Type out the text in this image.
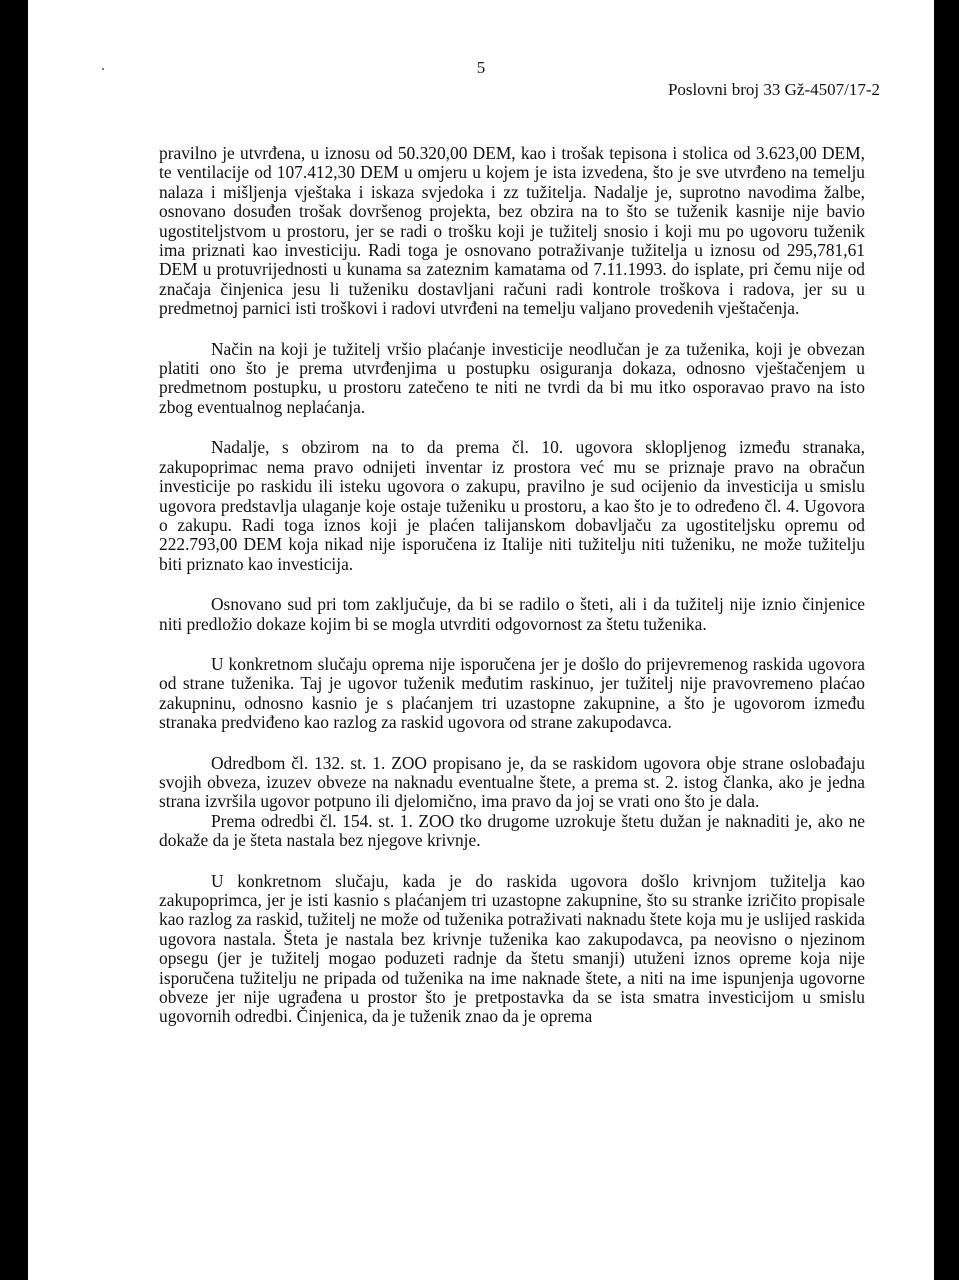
5
Poslovni broj 33 Gž-4507/17-2

pravilno je utvrđena, u iznosu od 50.320,00 DEM, kao i trošak tepisona i stolica od 3.623,00 DEM, te ventilacije od 107.412,30 DEM u omjeru u kojem je ista izvedena, što je sve utvrđeno na temelju nalaza i mišljenja vještaka i iskaza svjedoka i zz tužitelja. Nadalje je, suprotno navodima žalbe, osnovano dosuđen trošak dovršenog projekta, bez obzira na to što se tuženik kasnije nije bavio ugostiteljstvom u prostoru, jer se radi o trošku koji je tužitelj snosio i koji mu po ugovoru tuženik ima priznati kao investiciju. Radi toga je osnovano potraživanje tužitelja u iznosu od 295,781,61 DEM u protuvrijednosti u kunama sa zateznim kamatama od 7.11.1993. do isplate, pri čemu nije od značaja činjenica jesu li tuženiku dostavljani računi radi kontrole troškova i radova, jer su u predmetnoj parnici isti troškovi i radovi utvrđeni na temelju valjano provedenih vještačenja.

Način na koji je tužitelj vršio plaćanje investicije neodlučan je za tuženika, koji je obvezan platiti ono što je prema utvrđenjima u postupku osiguranja dokaza, odnosno vještačenjem u predmetnom postupku, u prostoru zatečeno te niti ne tvrdi da bi mu itko osporavao pravo na isto zbog eventualnog neplaćanja.

Nadalje, s obzirom na to da prema čl. 10. ugovora sklopljenog između stranaka, zakupoprimac nema pravo odnijeti inventar iz prostora već mu se priznaje pravo na obračun investicije po raskidu ili isteku ugovora o zakupu, pravilno je sud ocijenio da investicija u smislu ugovora predstavlja ulaganje koje ostaje tuženiku u prostoru, a kao što je to određeno čl. 4. Ugovora o zakupu. Radi toga iznos koji je plaćen talijanskom dobavljaču za ugostiteljsku opremu od 222.793,00 DEM koja nikad nije isporučena iz Italije niti tužitelju niti tuženiku, ne može tužitelju biti priznato kao investicija.

Osnovano sud pri tom zaključuje, da bi se radilo o šteti, ali i da tužitelj nije iznio činjenice niti predložio dokaze kojim bi se mogla utvrditi odgovornost za štetu tuženika.

U konkretnom slučaju oprema nije isporučena jer je došlo do prijevremenog raskida ugovora od strane tuženika. Taj je ugovor tuženik međutim raskinuo, jer tužitelj nije pravovremeno plaćao zakupninu, odnosno kasnio je s plaćanjem tri uzastopne zakupnine, a što je ugovorom između stranaka predviđeno kao razlog za raskid ugovora od strane zakupodavca.

Odredbom čl. 132. st. 1. ZOO propisano je, da se raskidom ugovora obje strane oslobađaju svojih obveza, izuzev obveze na naknadu eventualne štete, a prema st. 2. istog članka, ako je jedna strana izvršila ugovor potpuno ili djelomično, ima pravo da joj se vrati ono što je dala.

Prema odredbi čl. 154. st. 1. ZOO tko drugome uzrokuje štetu dužan je naknaditi je, ako ne dokaže da je šteta nastala bez njegove krivnje.

U konkretnom slučaju, kada je do raskida ugovora došlo krivnjom tužitelja kao zakupoprimca, jer je isti kasnio s plaćanjem tri uzastopne zakupnine, što su stranke izričito propisale kao razlog za raskid, tužitelj ne može od tuženika potraživati naknadu štete koja mu je uslijed raskida ugovora nastala. Šteta je nastala bez krivnje tuženika kao zakupodavca, pa neovisno o njezinom opsegu (jer je tužitelj mogao poduzeti radnje da štetu smanji) utuženi iznos opreme koja nije isporučena tužitelju ne pripada od tuženika na ime naknade štete, a niti na ime ispunjenja ugovorne obveze jer nije ugrađena u prostor što je pretpostavka da se ista smatra investicijom u smislu ugovornih odredbi. Činjenica, da je tuženik znao da je oprema
